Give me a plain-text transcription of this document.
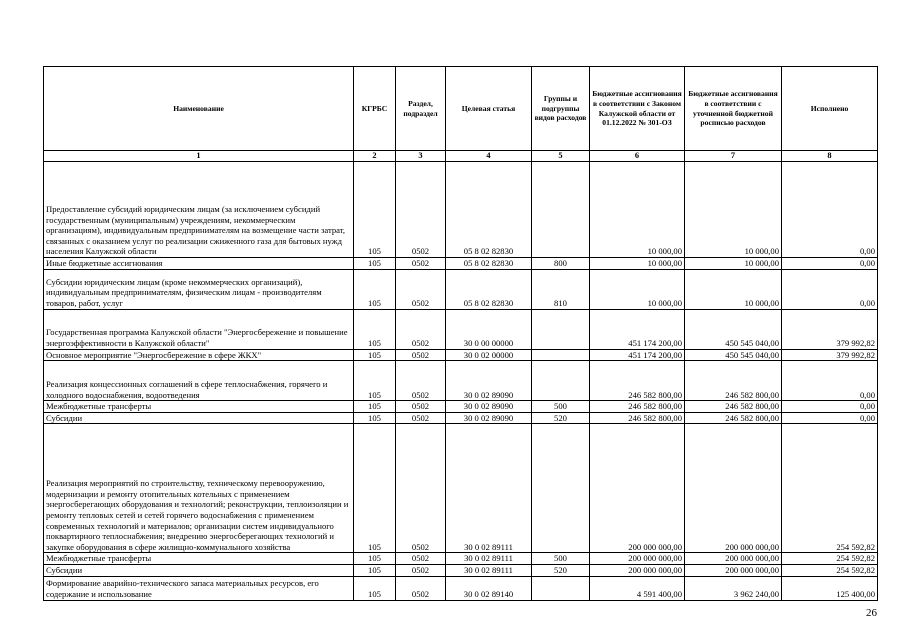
Наименование	КГРБС	Раздел, подраздел	Целевая статья	Группы и подгруппы видов расходов	Бюджетные ассигнования в соответствии с Законом Калужской области от 01.12.2022 № 301-ОЗ	Бюджетные ассигнования в соответствии с уточненной бюджетной росписью расходов	Исполнено
1	2	3	4	5	6	7	8
Предоставление субсидий юридическим лицам (за исключением субсидий государственным (муниципальным) учреждениям, некоммерческим организациям), индивидуальным предпринимателям на возмещение части затрат, связанных с оказанием услуг по реализации сжиженного газа для бытовых нужд населения Калужской области	105	0502	05 8 02 82830		10 000,00	10 000,00	0,00
Иные бюджетные ассигнования	105	0502	05 8 02 82830	800	10 000,00	10 000,00	0,00
Субсидии юридическим лицам (кроме некоммерческих организаций), индивидуальным предпринимателям, физическим лицам - производителям товаров, работ, услуг	105	0502	05 8 02 82830	810	10 000,00	10 000,00	0,00
Государственная программа Калужской области "Энергосбережение и повышение энергоэффективности в Калужской области"	105	0502	30 0 00 00000		451 174 200,00	450 545 040,00	379 992,82
Основное мероприятие "Энергосбережение в сфере ЖКХ"	105	0502	30 0 02 00000		451 174 200,00	450 545 040,00	379 992,82
Реализация концессионных соглашений в сфере теплоснабжения, горячего и холодного водоснабжения, водоотведения	105	0502	30 0 02 89090		246 582 800,00	246 582 800,00	0,00
Межбюджетные трансферты	105	0502	30 0 02 89090	500	246 582 800,00	246 582 800,00	0,00
Субсидии	105	0502	30 0 02 89090	520	246 582 800,00	246 582 800,00	0,00
Реализация мероприятий по строительству, техническому перевооружению, модернизации и ремонту отопительных котельных с применением энергосберегающих оборудования и технологий; реконструкции, теплоизоляции и ремонту тепловых сетей и сетей горячего водоснабжения с применением современных технологий и материалов; организации систем индивидуального поквартирного теплоснабжения; внедрению энергосберегающих технологий и закупке оборудования в сфере жилищно-коммунального хозяйства	105	0502	30 0 02 89111		200 000 000,00	200 000 000,00	254 592,82
Межбюджетные трансферты	105	0502	30 0 02 89111	500	200 000 000,00	200 000 000,00	254 592,82
Субсидии	105	0502	30 0 02 89111	520	200 000 000,00	200 000 000,00	254 592,82
Формирование аварийно-технического запаса материальных ресурсов, его содержание и использование	105	0502	30 0 02 89140		4 591 400,00	3 962 240,00	125 400,00
26
